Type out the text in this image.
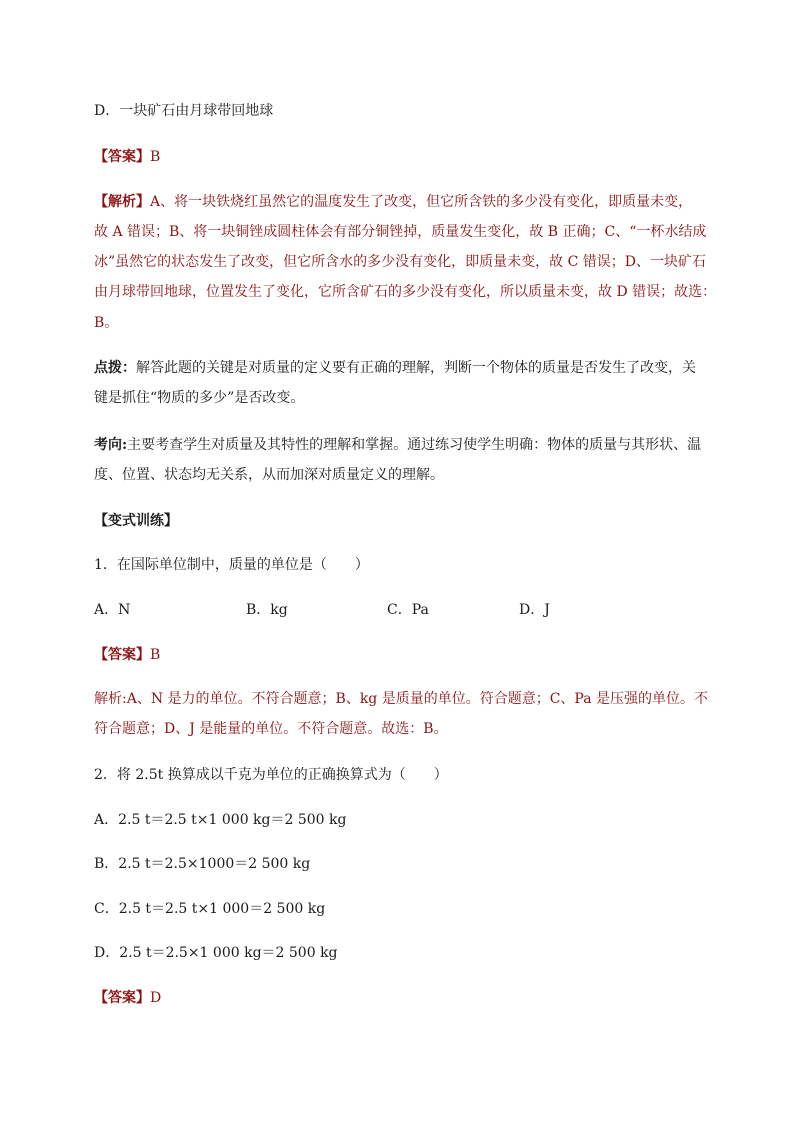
D．一块矿石由月球带回地球
【答案】B
【解析】A、将一块铁烧红虽然它的温度发生了改变，但它所含铁的多少没有变化，即质量未变，
故 A 错误；B、将一块铜锉成圆柱体会有部分铜锉掉，质量发生变化，故 B 正确；C、“一杯水结成
冰”虽然它的状态发生了改变，但它所含水的多少没有变化，即质量未变，故 C 错误；D、一块矿石
由月球带回地球，位置发生了变化，它所含矿石的多少没有变化，所以质量未变，故 D 错误；故选：
B。
点拨：解答此题的关键是对质量的定义要有正确的理解，判断一个物体的质量是否发生了改变，关
键是抓住“物质的多少”是否改变。
考向:主要考查学生对质量及其特性的理解和掌握。通过练习使学生明确：物体的质量与其形状、温
度、位置、状态均无关系，从而加深对质量定义的理解。
【变式训练】
1．在国际单位制中，质量的单位是（　　）
A．N	B．kg	C．Pa	D．J
【答案】B
解析:A、N 是力的单位。不符合题意；B、kg 是质量的单位。符合题意；C、Pa 是压强的单位。不
符合题意；D、J 是能量的单位。不符合题意。故选：B。
2．将 2.5t 换算成以千克为单位的正确换算式为（　　）
A．2.5 t＝2.5 t×1 000 kg＝2 500 kg
B．2.5 t＝2.5×1000＝2 500 kg
C．2.5 t＝2.5 t×1 000＝2 500 kg
D．2.5 t＝2.5×1 000 kg＝2 500 kg
【答案】D
